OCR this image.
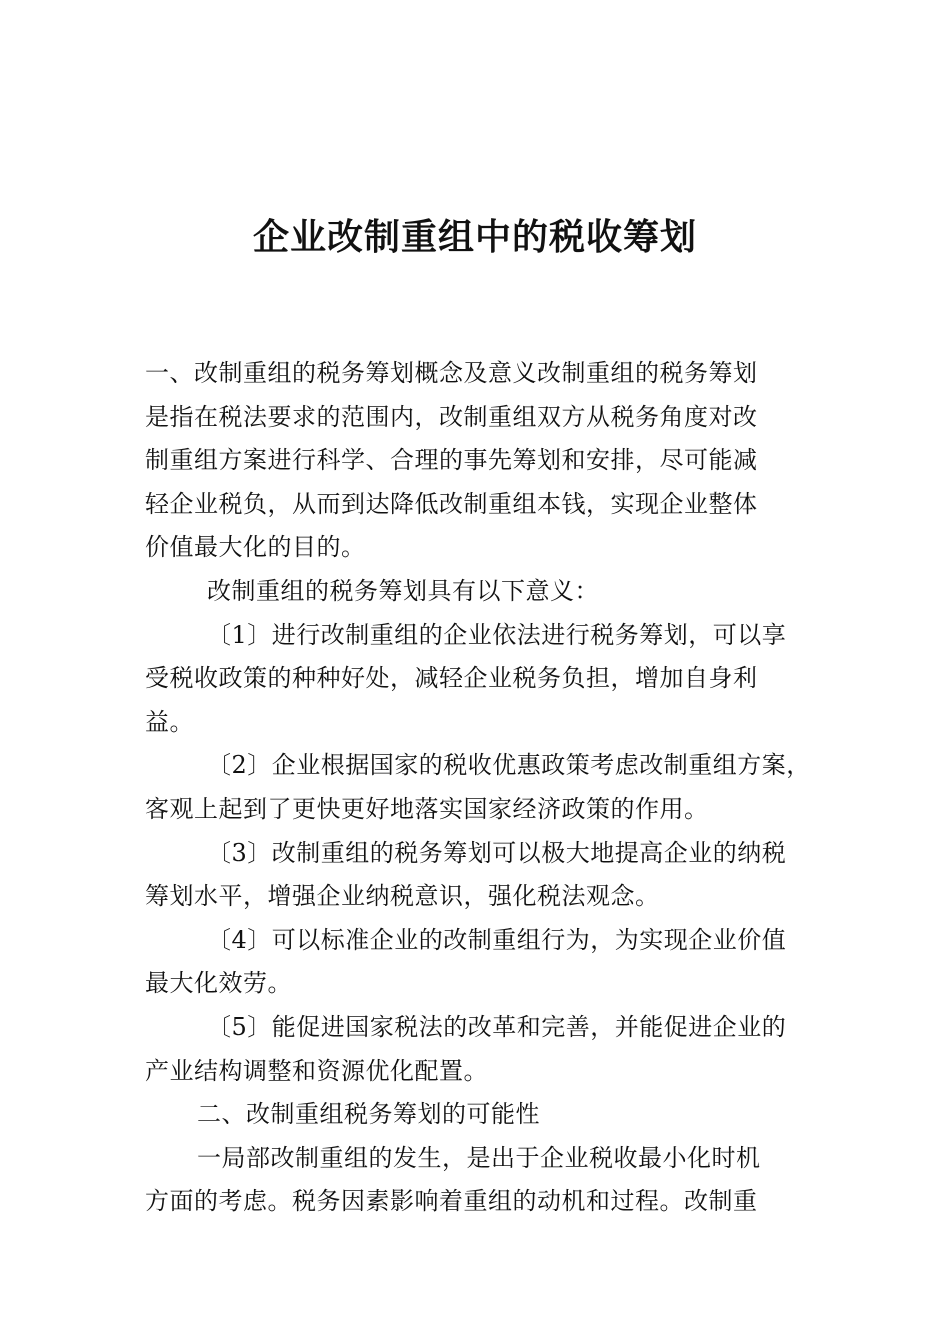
企业改制重组中的税收筹划

一、改制重组的税务筹划概念及意义改制重组的税务筹划

是指在税法要求的范围内，改制重组双方从税务角度对改

制重组方案进行科学、合理的事先筹划和安排，尽可能减

轻企业税负，从而到达降低改制重组本钱，实现企业整体

价值最大化的目的。

改制重组的税务筹划具有以下意义：

〔1〕进行改制重组的企业依法进行税务筹划，可以享

受税收政策的种种好处，减轻企业税务负担，增加自身利

益。

〔2〕企业根据国家的税收优惠政策考虑改制重组方案，

客观上起到了更快更好地落实国家经济政策的作用。

〔3〕改制重组的税务筹划可以极大地提高企业的纳税

筹划水平，增强企业纳税意识，强化税法观念。

〔4〕可以标准企业的改制重组行为，为实现企业价值

最大化效劳。

〔5〕能促进国家税法的改革和完善，并能促进企业的

产业结构调整和资源优化配置。

二、改制重组税务筹划的可能性

一局部改制重组的发生，是出于企业税收最小化时机

方面的考虑。税务因素影响着重组的动机和过程。改制重
